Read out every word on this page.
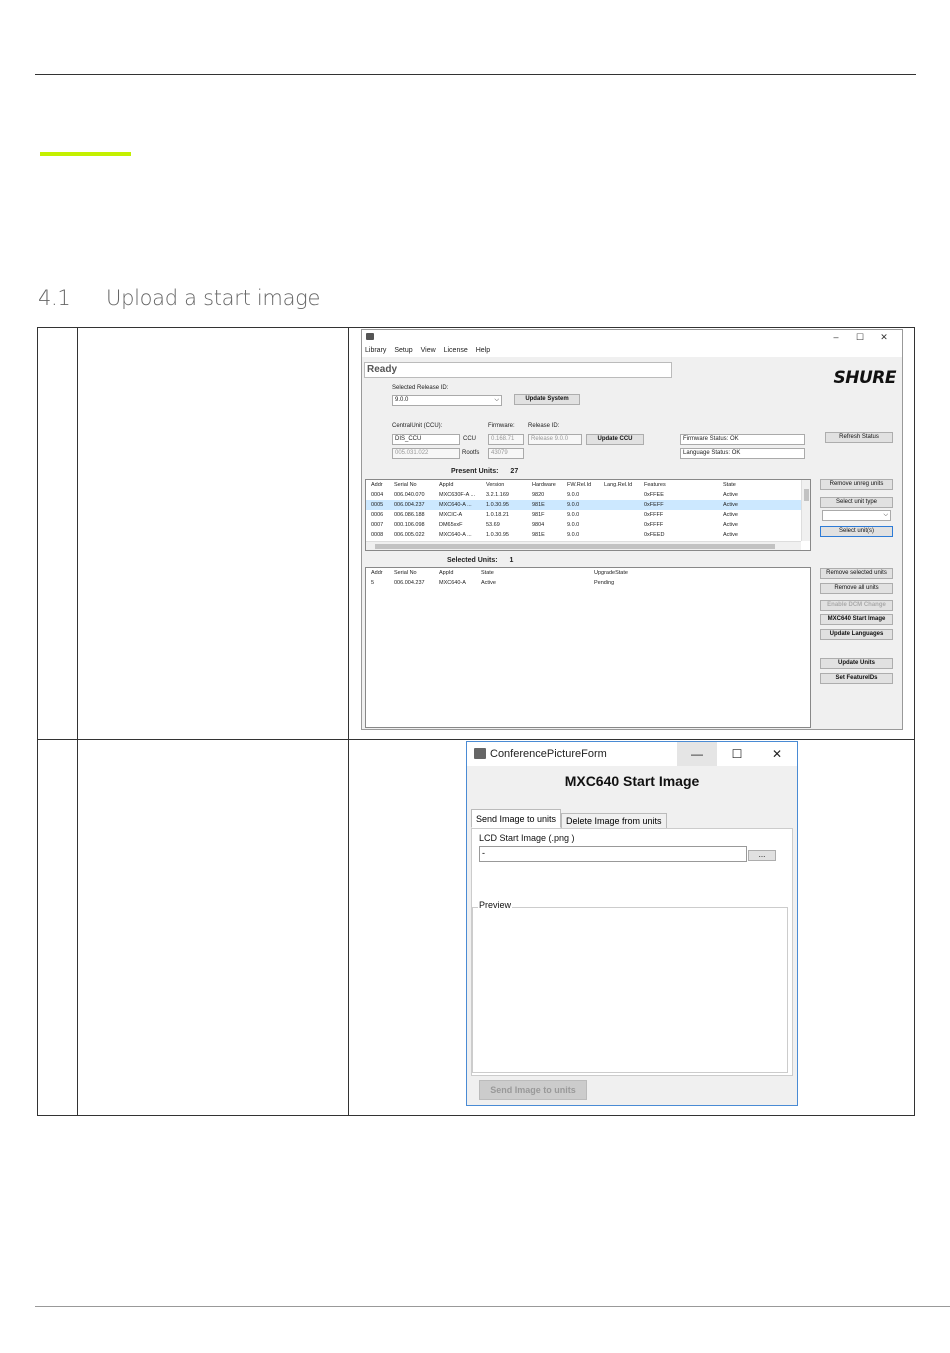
4.1 Upload a start image

– ☐ ✕
Library Setup View License Help
Ready	SHURE
Selected Release ID:
9.0.0	⌵	Update System
CentralUnit (CCU):
DIS_CCU	CCU
005.031.022	Rootfs
Firmware:
0.168.71
43079
Release ID:
Release 9.0.0	Update CCU	Firmware Status: OK
Language Status: OK
Refresh Status
Present Units: 27
Addr Serial No	AppId	Version	Hardware FW.Rel.Id Lang.Rel.Id Features	State
0004 006.040.070	MXC630F-A ... 3.2.1.169	9820	9.0.0	0xFFEE	Active
0005 006.004.237	MXC640-A ...	1.0.30.95	981E	9.0.0	0xFEFF	Active
0006 006.086.188	MXCIC-A	1.0.18.21	981F	9.0.0	0xFFFF	Active
0007 000.106.098	DM65xxF	53.69	9804	9.0.0	0xFFFF	Active
0008 006.005.022	MXC640-A ...	1.0.30.95	981E	9.0.0	0xFEED	Active
Remove unreg units
Select unit type
⌵
Select unit(s)
Selected Units: 1
Addr Serial No	AppId	State	UpgradeState
5	006.004.237	MXC640-A	Active	Pending
Remove selected units
Remove all units
Enable DCM Change
MXC640 Start Image
Update Languages
Update Units
Set FeatureIDs
ConferencePictureForm	—	☐	✕
MXC640 Start Image
Send Image to units	Delete Image from units
LCD Start Image (.png )
-	...
Preview
Send Image to units
